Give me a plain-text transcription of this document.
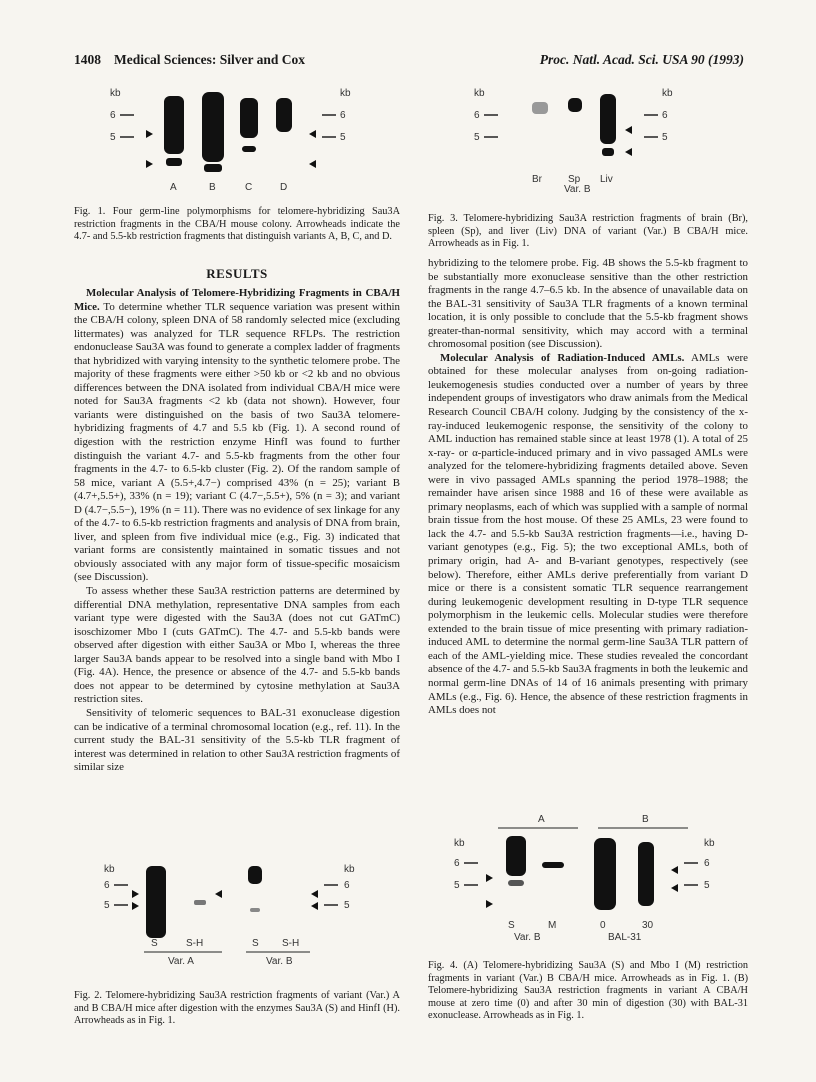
1408 Medical Sciences: Silver and Cox	Proc. Natl. Acad. Sci. USA 90 (1993)
kb
6
5
kb
6
5
A	B	C	D
Fig. 1. Four germ-line polymorphisms for telomere-hybridizing Sau3A restriction fragments in the CBA/H mouse colony. Arrowheads indicate the 4.7- and 5.5-kb restriction fragments that distinguish variants A, B, C, and D.
RESULTS

Molecular Analysis of Telomere-Hybridizing Fragments in CBA/H Mice. To determine whether TLR sequence variation was present within the CBA/H colony, spleen DNA of 58 randomly selected mice (excluding littermates) was analyzed for TLR sequence RFLPs. The restriction endonuclease Sau3A was found to generate a complex ladder of fragments that hybridized with varying intensity to the synthetic telomere probe. The majority of these fragments were either >50 kb or <2 kb and no obvious differences between the DNA isolated from individual CBA/H mice were noted for Sau3A fragments <2 kb (data not shown). However, four variants were distinguished on the basis of two Sau3A telomere-hybridizing fragments of 4.7 and 5.5 kb (Fig. 1). A second round of digestion with the restriction enzyme HinfI was found to further distinguish the variant 4.7- and 5.5-kb fragments from the other four fragments in the 4.7- to 6.5-kb cluster (Fig. 2). Of the random sample of 58 mice, variant A (5.5+,4.7−) comprised 43% (n = 25); variant B (4.7+,5.5+), 33% (n = 19); variant C (4.7−,5.5+), 5% (n = 3); and variant D (4.7−,5.5−), 19% (n = 11). There was no evidence of sex linkage for any of the 4.7- to 6.5-kb restriction fragments and analysis of DNA from brain, liver, and spleen from five individual mice (e.g., Fig. 3) indicated that variant forms are consistently maintained in somatic tissues and not obviously associated with any major form of tissue-specific mosaicism (see Discussion).

To assess whether these Sau3A restriction patterns are determined by differential DNA methylation, representative DNA samples from each variant type were digested with the Sau3A (does not cut GATmC) isoschizomer Mbo I (cuts GATmC). The 4.7- and 5.5-kb bands were observed after digestion with either Sau3A or Mbo I, whereas the three larger Sau3A bands appear to be resolved into a single band with Mbo I (Fig. 4A). Hence, the presence or absence of the 4.7- and 5.5-kb bands does not appear to be determined by cytosine methylation at Sau3A restriction sites.

Sensitivity of telomeric sequences to BAL-31 exonuclease digestion can be indicative of a terminal chromosomal location (e.g., ref. 11). In the current study the BAL-31 sensitivity of the 5.5-kb TLR fragment of interest was determined in relation to other Sau3A restriction fragments of similar size

kb
6
5
kb
6
5
S	S-H	S S-H
Var. A	Var. B
Fig. 2. Telomere-hybridizing Sau3A restriction fragments of variant (Var.) A and B CBA/H mice after digestion with the enzymes Sau3A (S) and HinfI (H). Arrowheads as in Fig. 1.
kb
6
5
kb
6
5
Br	Sp Liv
Var. B
Fig. 3. Telomere-hybridizing Sau3A restriction fragments of brain (Br), spleen (Sp), and liver (Liv) DNA of variant (Var.) B CBA/H mice. Arrowheads as in Fig. 1.

hybridizing to the telomere probe. Fig. 4B shows the 5.5-kb fragment to be substantially more exonuclease sensitive than the other restriction fragments in the range 4.7–6.5 kb. In the absence of unavailable data on the BAL-31 sensitivity of Sau3A TLR fragments of a known terminal location, it is only possible to conclude that the 5.5-kb fragment shows greater-than-normal sensitivity, which may accord with a terminal chromosomal position (see Discussion).

Molecular Analysis of Radiation-Induced AMLs. AMLs were obtained for these molecular analyses from on-going radiation-leukemogenesis studies conducted over a number of years by three independent groups of investigators who draw animals from the Medical Research Council CBA/H colony. Judging by the consistency of the x-ray-induced leukemogenic response, the sensitivity of the colony to AML induction has remained stable since at least 1978 (1). A total of 25 x-ray- or α-particle-induced primary and in vivo passaged AMLs were analyzed for the telomere-hybridizing fragments detailed above. Seven were in vivo passaged AMLs spanning the period 1978–1988; the remainder have arisen since 1988 and 16 of these were available as primary neoplasms, each of which was supplied with a sample of normal brain tissue from the host mouse. Of these 25 AMLs, 23 were found to lack the 4.7- and 5.5-kb Sau3A restriction fragments—i.e., having D-variant genotypes (e.g., Fig. 5); the two exceptional AMLs, both of primary origin, had A- and B-variant genotypes, respectively (see below). Therefore, either AMLs derive preferentially from variant D mice or there is a consistent somatic TLR sequence rearrangement during leukemogenic development resulting in D-type TLR sequence polymorphism in the leukemic cells. Molecular studies were therefore extended to the brain tissue of mice presenting with primary radiation-induced AML to determine the normal germ-line Sau3A TLR pattern of each of the AML-yielding mice. These studies revealed the concordant absence of the 4.7- and 5.5-kb Sau3A fragments in both the leukemic and normal germ-line DNAs of 14 of 16 animals presenting with primary AMLs (e.g., Fig. 6). Hence, the absence of these restriction fragments in AMLs does not

A	B
kb
6
5
kb
6
5
S	M	0	30
Var. B	BAL-31
Fig. 4. (A) Telomere-hybridizing Sau3A (S) and Mbo I (M) restriction fragments in variant (Var.) B CBA/H mice. Arrowheads as in Fig. 1. (B) Telomere-hybridizing Sau3A restriction fragments in variant A CBA/H mouse at zero time (0) and after 30 min of digestion (30) with BAL-31 exonuclease. Arrowheads as in Fig. 1.
